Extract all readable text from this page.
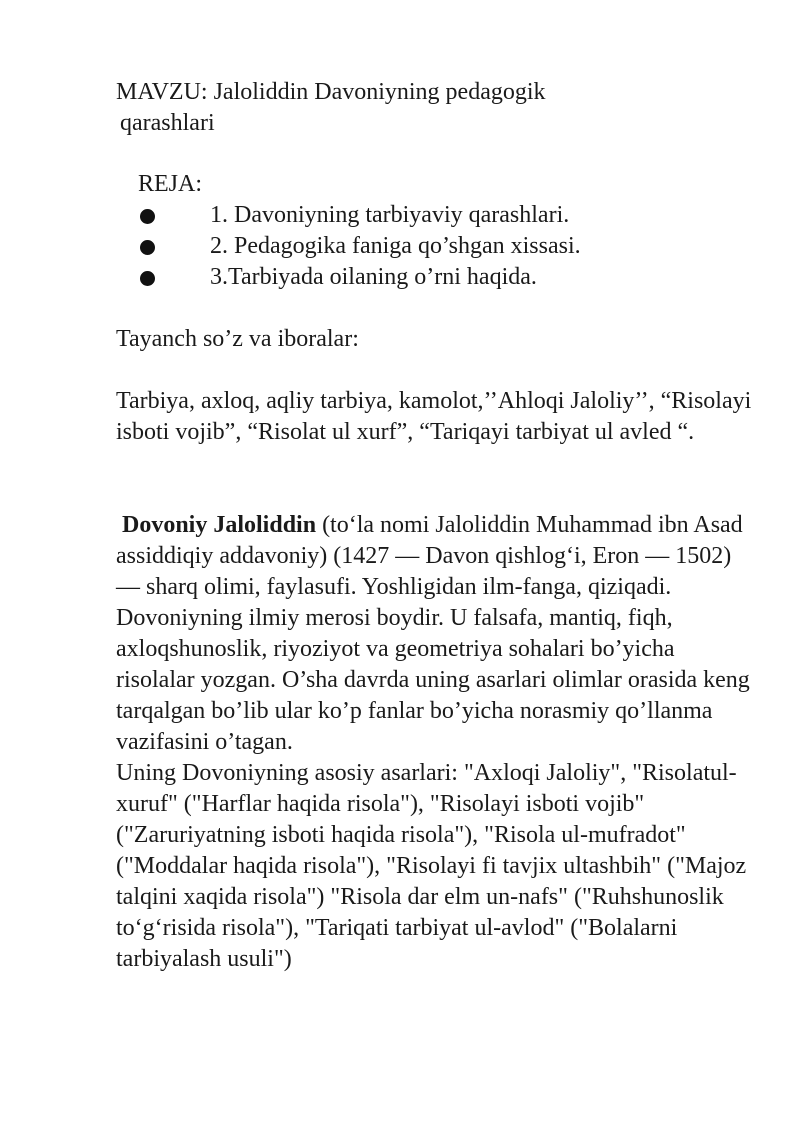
MAVZU: Jaloliddin Davoniyning pedagogik
qarashlari
REJA:
1. Davoniyning tarbiyaviy qarashlari.
2. Pedagogika faniga qo’shgan xissasi.
3.Tarbiyada oilaning o’rni haqida.
Tayanch so’z va iboralar:
Tarbiya, axloq, aqliy tarbiya, kamolot,’’Ahloqi Jaloliy’’, “Risolayi isboti vojib”, “Risolat ul xurf”, “Tariqayi tarbiyat ul avled “.

Dovoniy Jaloliddin (to‘la nomi Jaloliddin Muhammad ibn Asad assiddiqiy addavoniy) (1427 — Davon qishlog‘i, Eron — 1502) — sharq olimi, faylasufi. Yoshligidan ilm-fanga, qiziqadi.

Dovoniyning ilmiy merosi boydir. U falsafa, mantiq, fiqh, axloqshunoslik, riyoziyot va geometriya sohalari bo’yicha risolalar yozgan. O’sha davrda uning asarlari olimlar orasida keng tarqalgan bo’lib ular ko’p fanlar bo’yicha norasmiy qo’llanma vazifasini o’tagan.

Uning Dovoniyning asosiy asarlari: "Axloqi Jaloliy", "Risolatul-xuruf" ("Harflar haqida risola"), "Risolayi isboti vojib" ("Zaruriyatning isboti haqida risola"), "Risola ul-mufradot" ("Moddalar haqida risola"), "Risolayi fi tavjix ultashbih" ("Majoz talqini xaqida risola") "Risola dar elm un-nafs" ("Ruhshunoslik to‘g‘risida risola"), "Tariqati tarbiyat ul-avlod" ("Bolalarni tarbiyalash usuli")
